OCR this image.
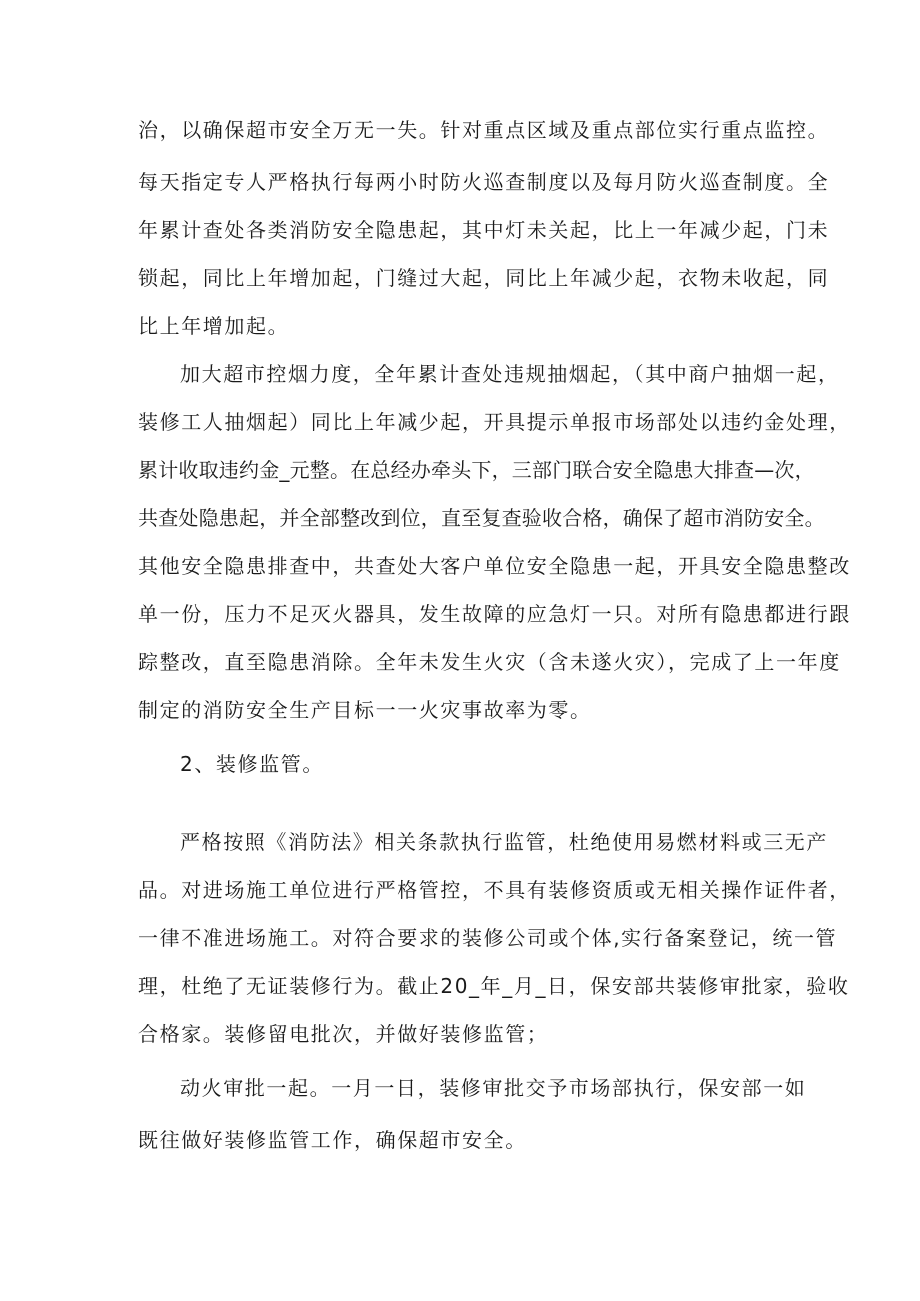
治，以确保超市安全万无一失。针对重点区域及重点部位实行重点监控。
每天指定专人严格执行每两小时防火巡查制度以及每月防火巡查制度。全
年累计查处各类消防安全隐患起，其中灯未关起，比上一年减少起，门未
锁起，同比上年增加起，门缝过大起，同比上年减少起，衣物未收起，同
比上年增加起。
加大超市控烟力度，全年累计查处违规抽烟起，（其中商户抽烟一起，
装修工人抽烟起）同比上年减少起，开具提示单报市场部处以违约金处理，
累计收取违约金_元整。在总经办牵头下，三部门联合安全隐患大排查—次，
共查处隐患起，并全部整改到位，直至复查验收合格，确保了超市消防安全。
其他安全隐患排查中，共查处大客户单位安全隐患一起，开具安全隐患整改
单一份，压力不足灭火器具，发生故障的应急灯一只。对所有隐患都进行跟
踪整改，直至隐患消除。全年未发生火灾（含未遂火灾），完成了上一年度
制定的消防安全生产目标一一火灾事故率为零。
2、装修监管。
严格按照《消防法》相关条款执行监管，杜绝使用易燃材料或三无产
品。对进场施工单位进行严格管控，不具有装修资质或无相关操作证件者，
一律不准进场施工。对符合要求的装修公司或个体,实行备案登记，统一管
理，杜绝了无证装修行为。截止20_年_月_日，保安部共装修审批家，验收
合格家。装修留电批次，并做好装修监管；
动火审批一起。一月一日，装修审批交予市场部执行，保安部一如
既往做好装修监管工作，确保超市安全。
